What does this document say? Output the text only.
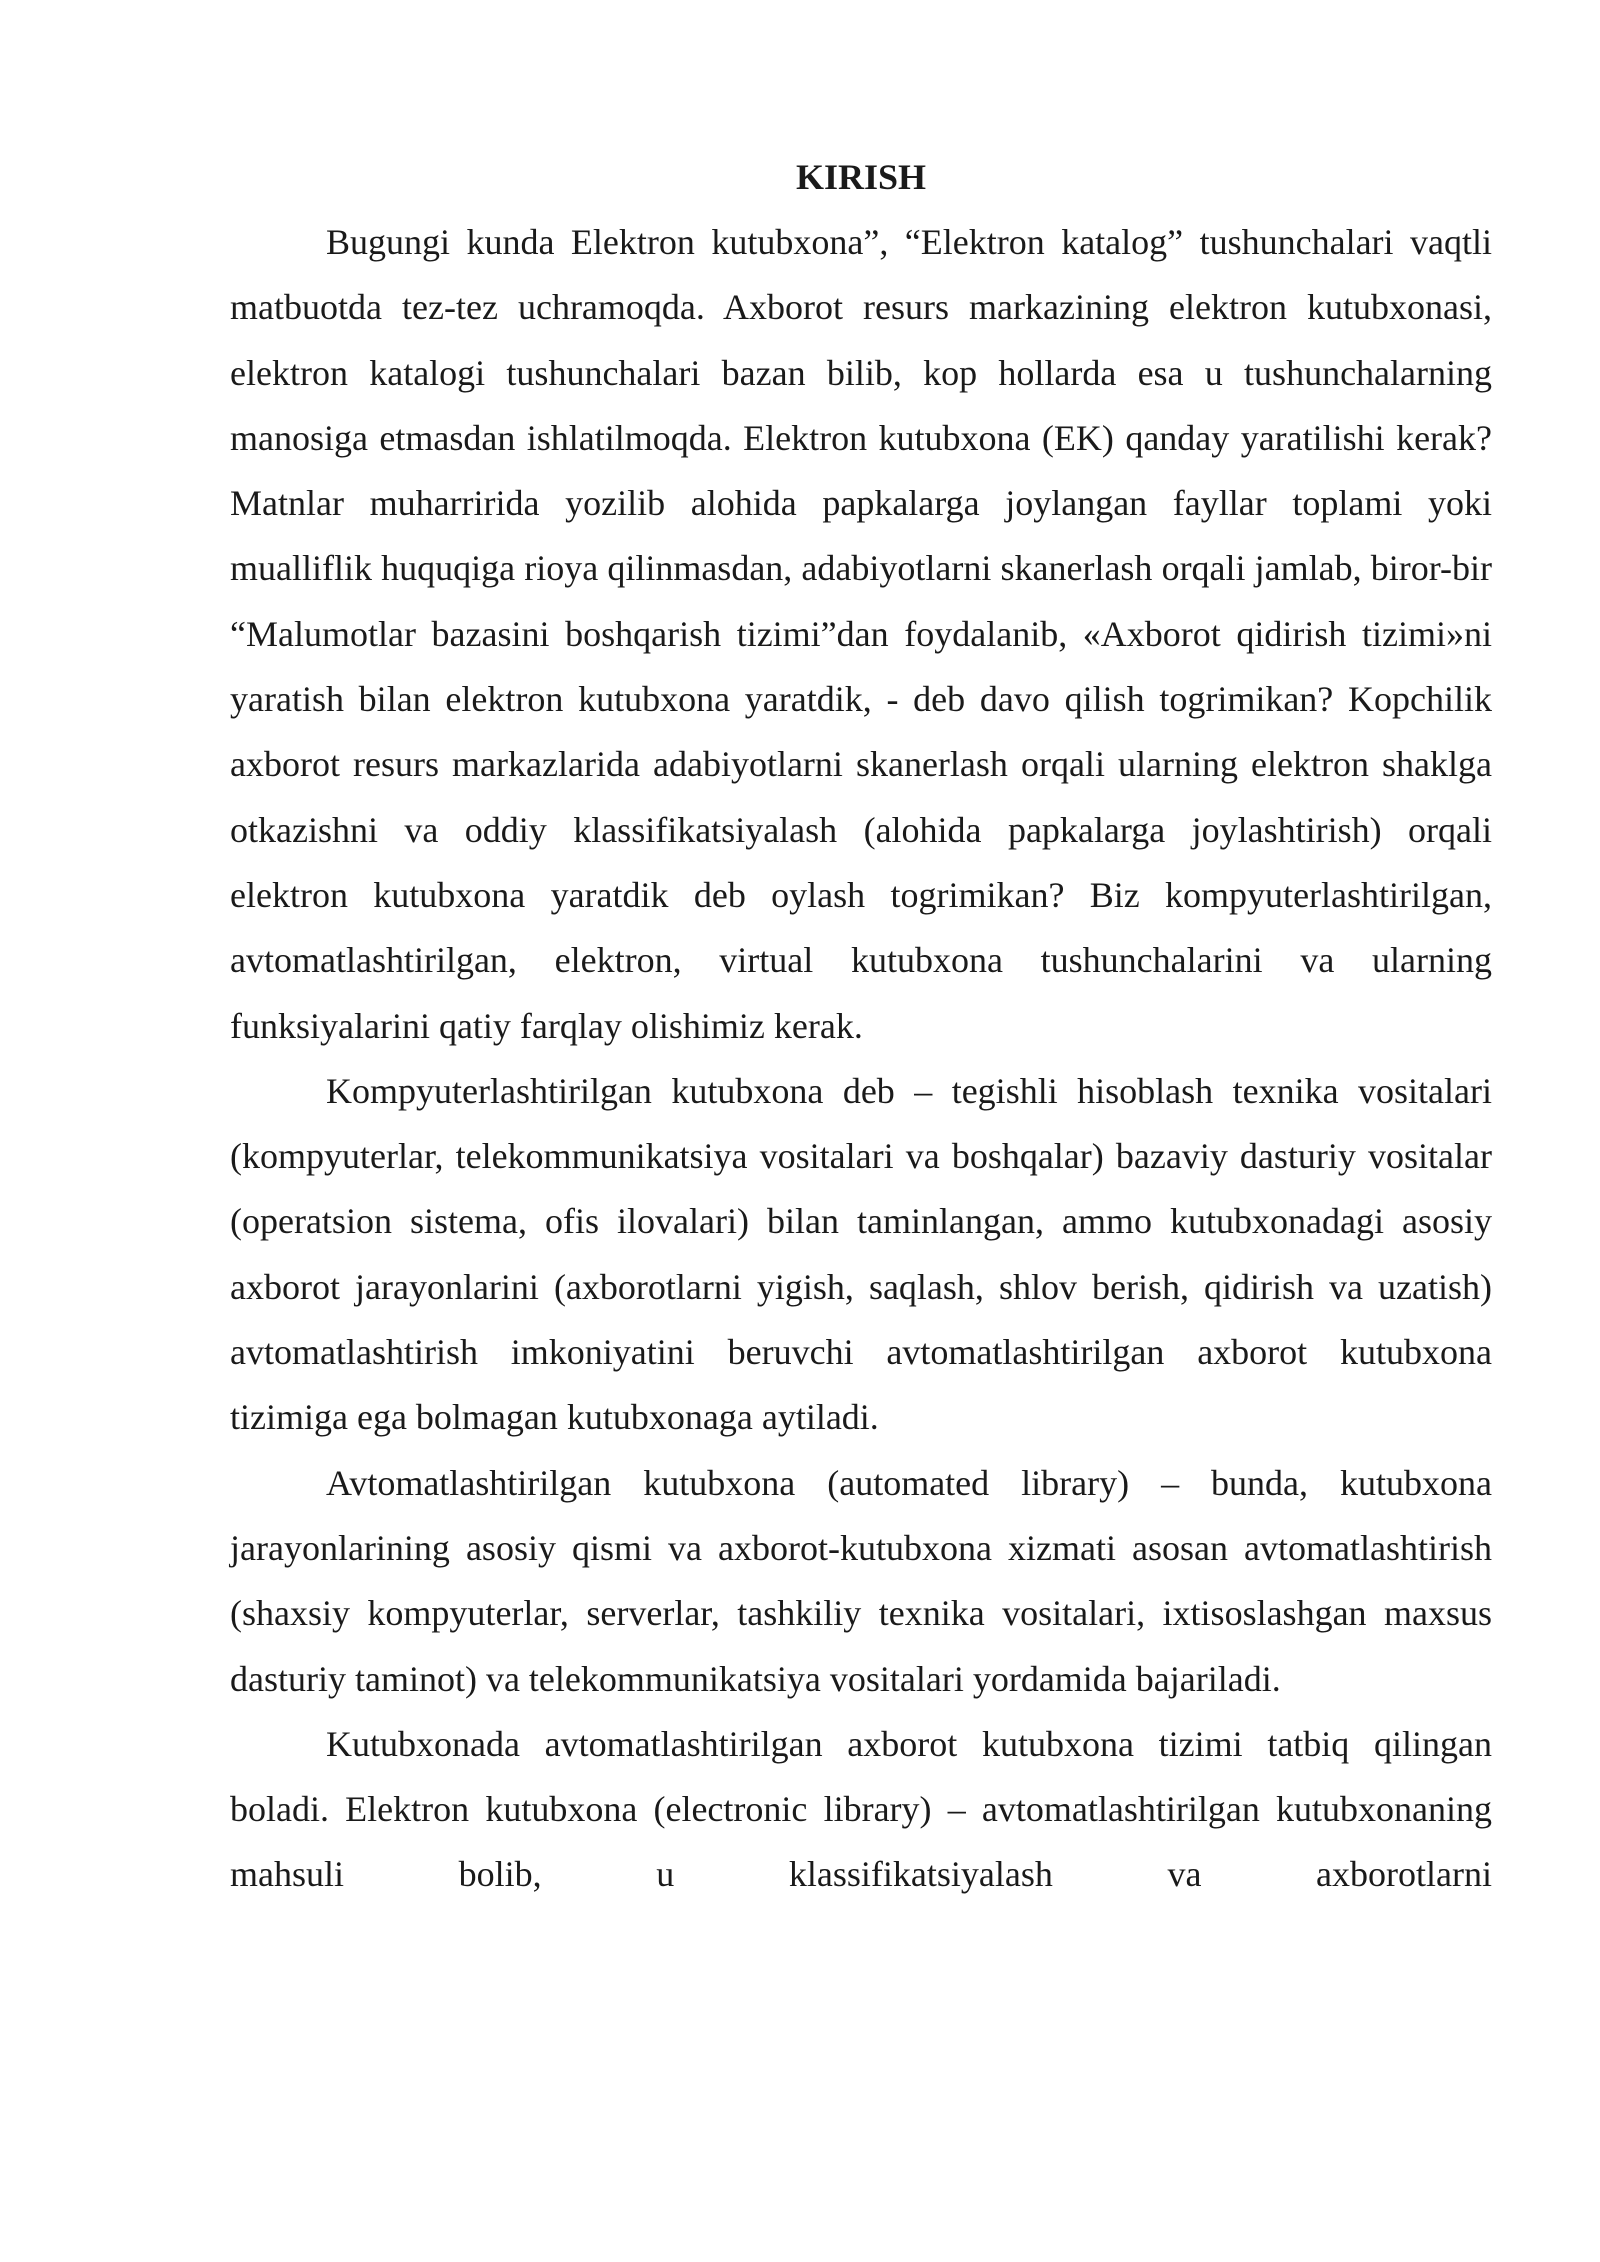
KIRISH

Bugungi kunda Elektron kutubxona”, “Elektron katalog” tushunchalari vaqtli matbuotda tez-tez uchramoqda. Axborot resurs markazining elektron kutubxonasi, elektron katalogi tushunchalari bazan bilib, kop hollarda esa u tushunchalarning manosiga etmasdan ishlatilmoqda. Elektron kutubxona (EK) qanday yaratilishi kerak? Matnlar muharririda yozilib alohida papkalarga joylangan fayllar toplami yoki mualliflik huquqiga rioya qilinmasdan, adabiyotlarni skanerlash orqali jamlab, biror-bir “Malumotlar bazasini boshqarish tizimi”dan foydalanib, «Axborot qidirish tizimi»ni yaratish bilan elektron kutubxona yaratdik, - deb davo qilish togrimikan? Kopchilik axborot resurs markazlarida adabiyotlarni skanerlash orqali ularning elektron shaklga otkazishni va oddiy klassifikatsiyalash (alohida papkalarga joylashtirish) orqali elektron kutubxona yaratdik deb oylash togrimikan? Biz kompyuterlashtirilgan, avtomatlashtirilgan, elektron, virtual kutubxona tushunchalarini va ularning funksiyalarini qatiy farqlay olishimiz kerak.

Kompyuterlashtirilgan kutubxona deb – tegishli hisoblash texnika vositalari (kompyuterlar, telekommunikatsiya vositalari va boshqalar) bazaviy dasturiy vositalar (operatsion sistema, ofis ilovalari) bilan taminlangan, ammo kutubxonadagi asosiy axborot jarayonlarini (axborotlarni yigish, saqlash, shlov berish, qidirish va uzatish) avtomatlashtirish imkoniyatini beruvchi avtomatlashtirilgan axborot kutubxona tizimiga ega bolmagan kutubxonaga aytiladi.

Avtomatlashtirilgan kutubxona (automated library) – bunda, kutubxona jarayonlarining asosiy qismi va axborot-kutubxona xizmati asosan avtomatlashtirish (shaxsiy kompyuterlar, serverlar, tashkiliy texnika vositalari, ixtisoslashgan maxsus dasturiy taminot) va telekommunikatsiya vositalari yordamida bajariladi.

Kutubxonada avtomatlashtirilgan axborot kutubxona tizimi tatbiq qilingan boladi. Elektron kutubxona (electronic library) – avtomatlashtirilgan kutubxonaning mahsuli bolib, u klassifikatsiyalash va axborotlarni
